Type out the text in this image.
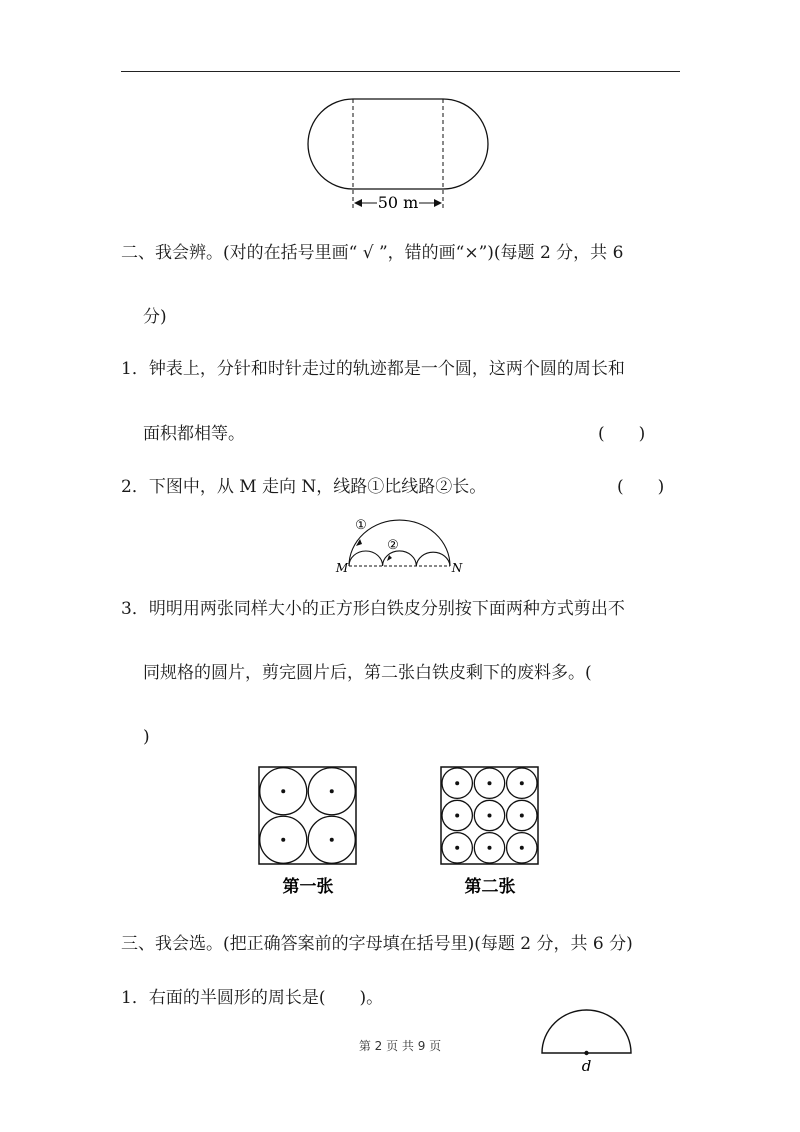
50 m
二、我会辨。(对的在括号里画“ √ ”，错的画“×”)(每题 2 分，共 6
分)
1．钟表上，分针和时针走过的轨迹都是一个圆，这两个圆的周长和
面积都相等。	(　　)
2．下图中，从 M 走向 N，线路①比线路②长。	(　　)
①
②
M	N
3．明明用两张同样大小的正方形白铁皮分别按下面两种方式剪出不
同规格的圆片，剪完圆片后，第二张白铁皮剩下的废料多。(
)
第一张	第二张
三、我会选。(把正确答案前的字母填在括号里)(每题 2 分，共 6 分)
1．右面的半圆形的周长是(　　)。
d
第 2 页 共 9 页
